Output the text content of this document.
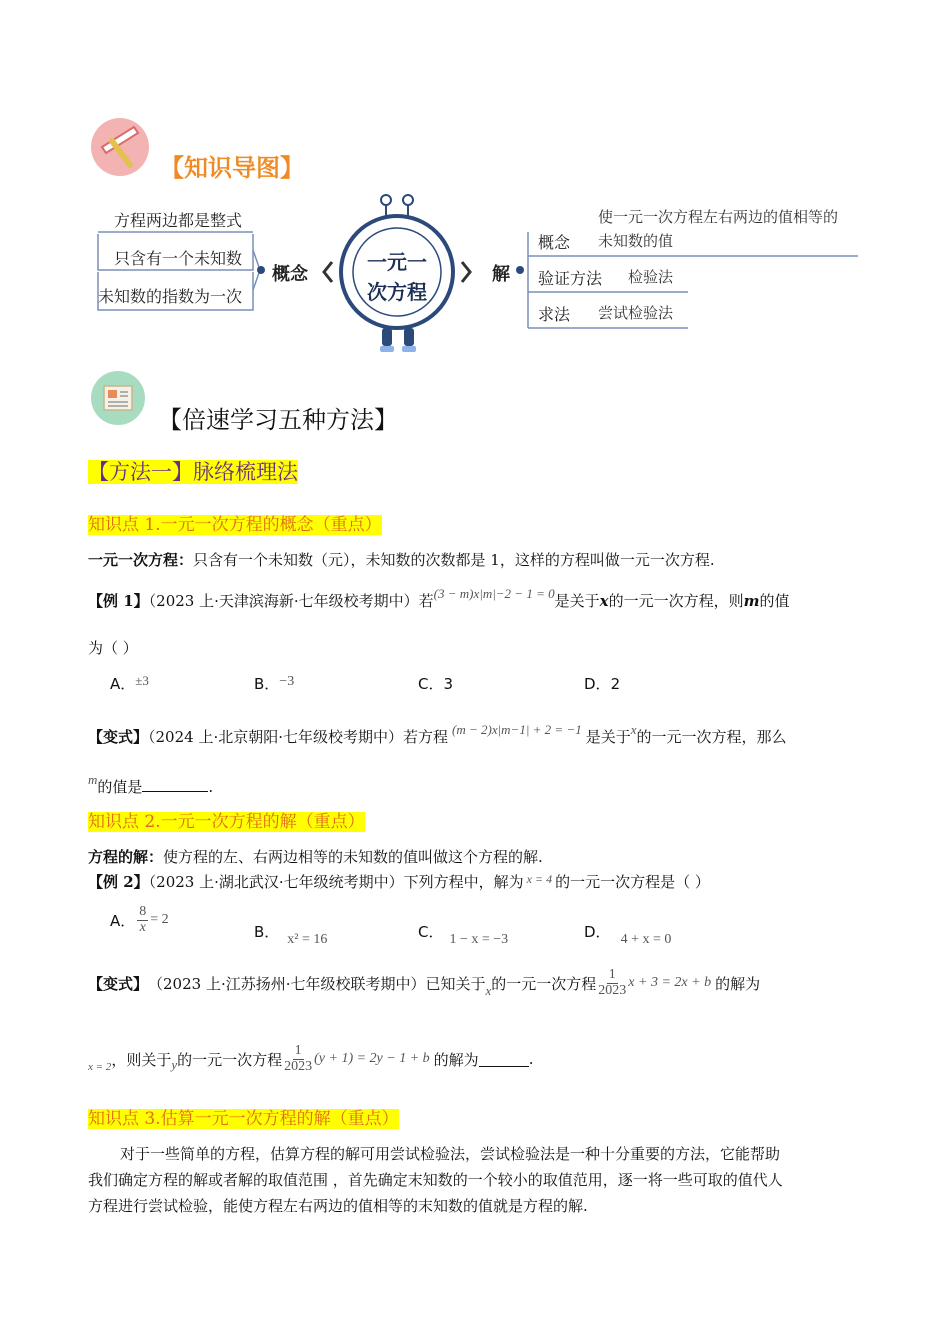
【知识导图】
方程两边都是整式
只含有一个未知数
未知数的指数为一次
概念
一元一
次方程
解
概念
使一元一次方程左右两边的值相等的
未知数的值
验证方法 检验法
求法 尝试检验法
【倍速学习五种方法】
【方法一】脉络梳理法
知识点 1.一元一次方程的概念（重点）
一元一次方程：只含有一个未知数（元），未知数的次数都是 1，这样的方程叫做一元一次方程.
【例 1】（2023 上·天津滨海新·七年级校考期中）若(3 − m)x|m|−2 − 1 = 0是关于x的一元一次方程，则m的值
为（ ）
A．±3	B．−3	C．3	D．2
【变式】（2024 上·北京朝阳·七年级校考期中）若方程 (m − 2)x|m−1| + 2 = −1 是关于x的一元一次方程，那么
m的值是	.
知识点 2.一元一次方程的解（重点）
方程的解：使方程的左、右两边相等的未知数的值叫做这个方程的解.
【例 2】（2023 上·湖北武汉·七年级统考期中）下列方程中，解为 $^{x = 4}$ 的一元一次方程是（ ）
A． $\frac{8}{x} = 2$
B． x² = 16	C． 1 − x = −3	D． 4 + x = 0
【变式】 （2023 上·江苏扬州·七年级校联考期中）已知关于 x 的一元一次方程 $\frac{1}{2023}$ x + 3 = 2x + b 的解为
x = 2 ，则关于 y 的一元一次方程 $\frac{1}{2023} (y + 1) = 2y - 1 + b$ 的解为	.
知识点 3.估算一元一次方程的解（重点）
对于一些简单的方程，估算方程的解可用尝试检验法，尝试检验法是一种十分重要的方法，它能帮助
我们确定方程的解或者解的取值范围 ，首先确定末知数的一个较小的取值范用，逐一将一些可取的值代人
方程进行尝试检验，能使方程左右两边的值相等的末知数的值就是方程的解.
